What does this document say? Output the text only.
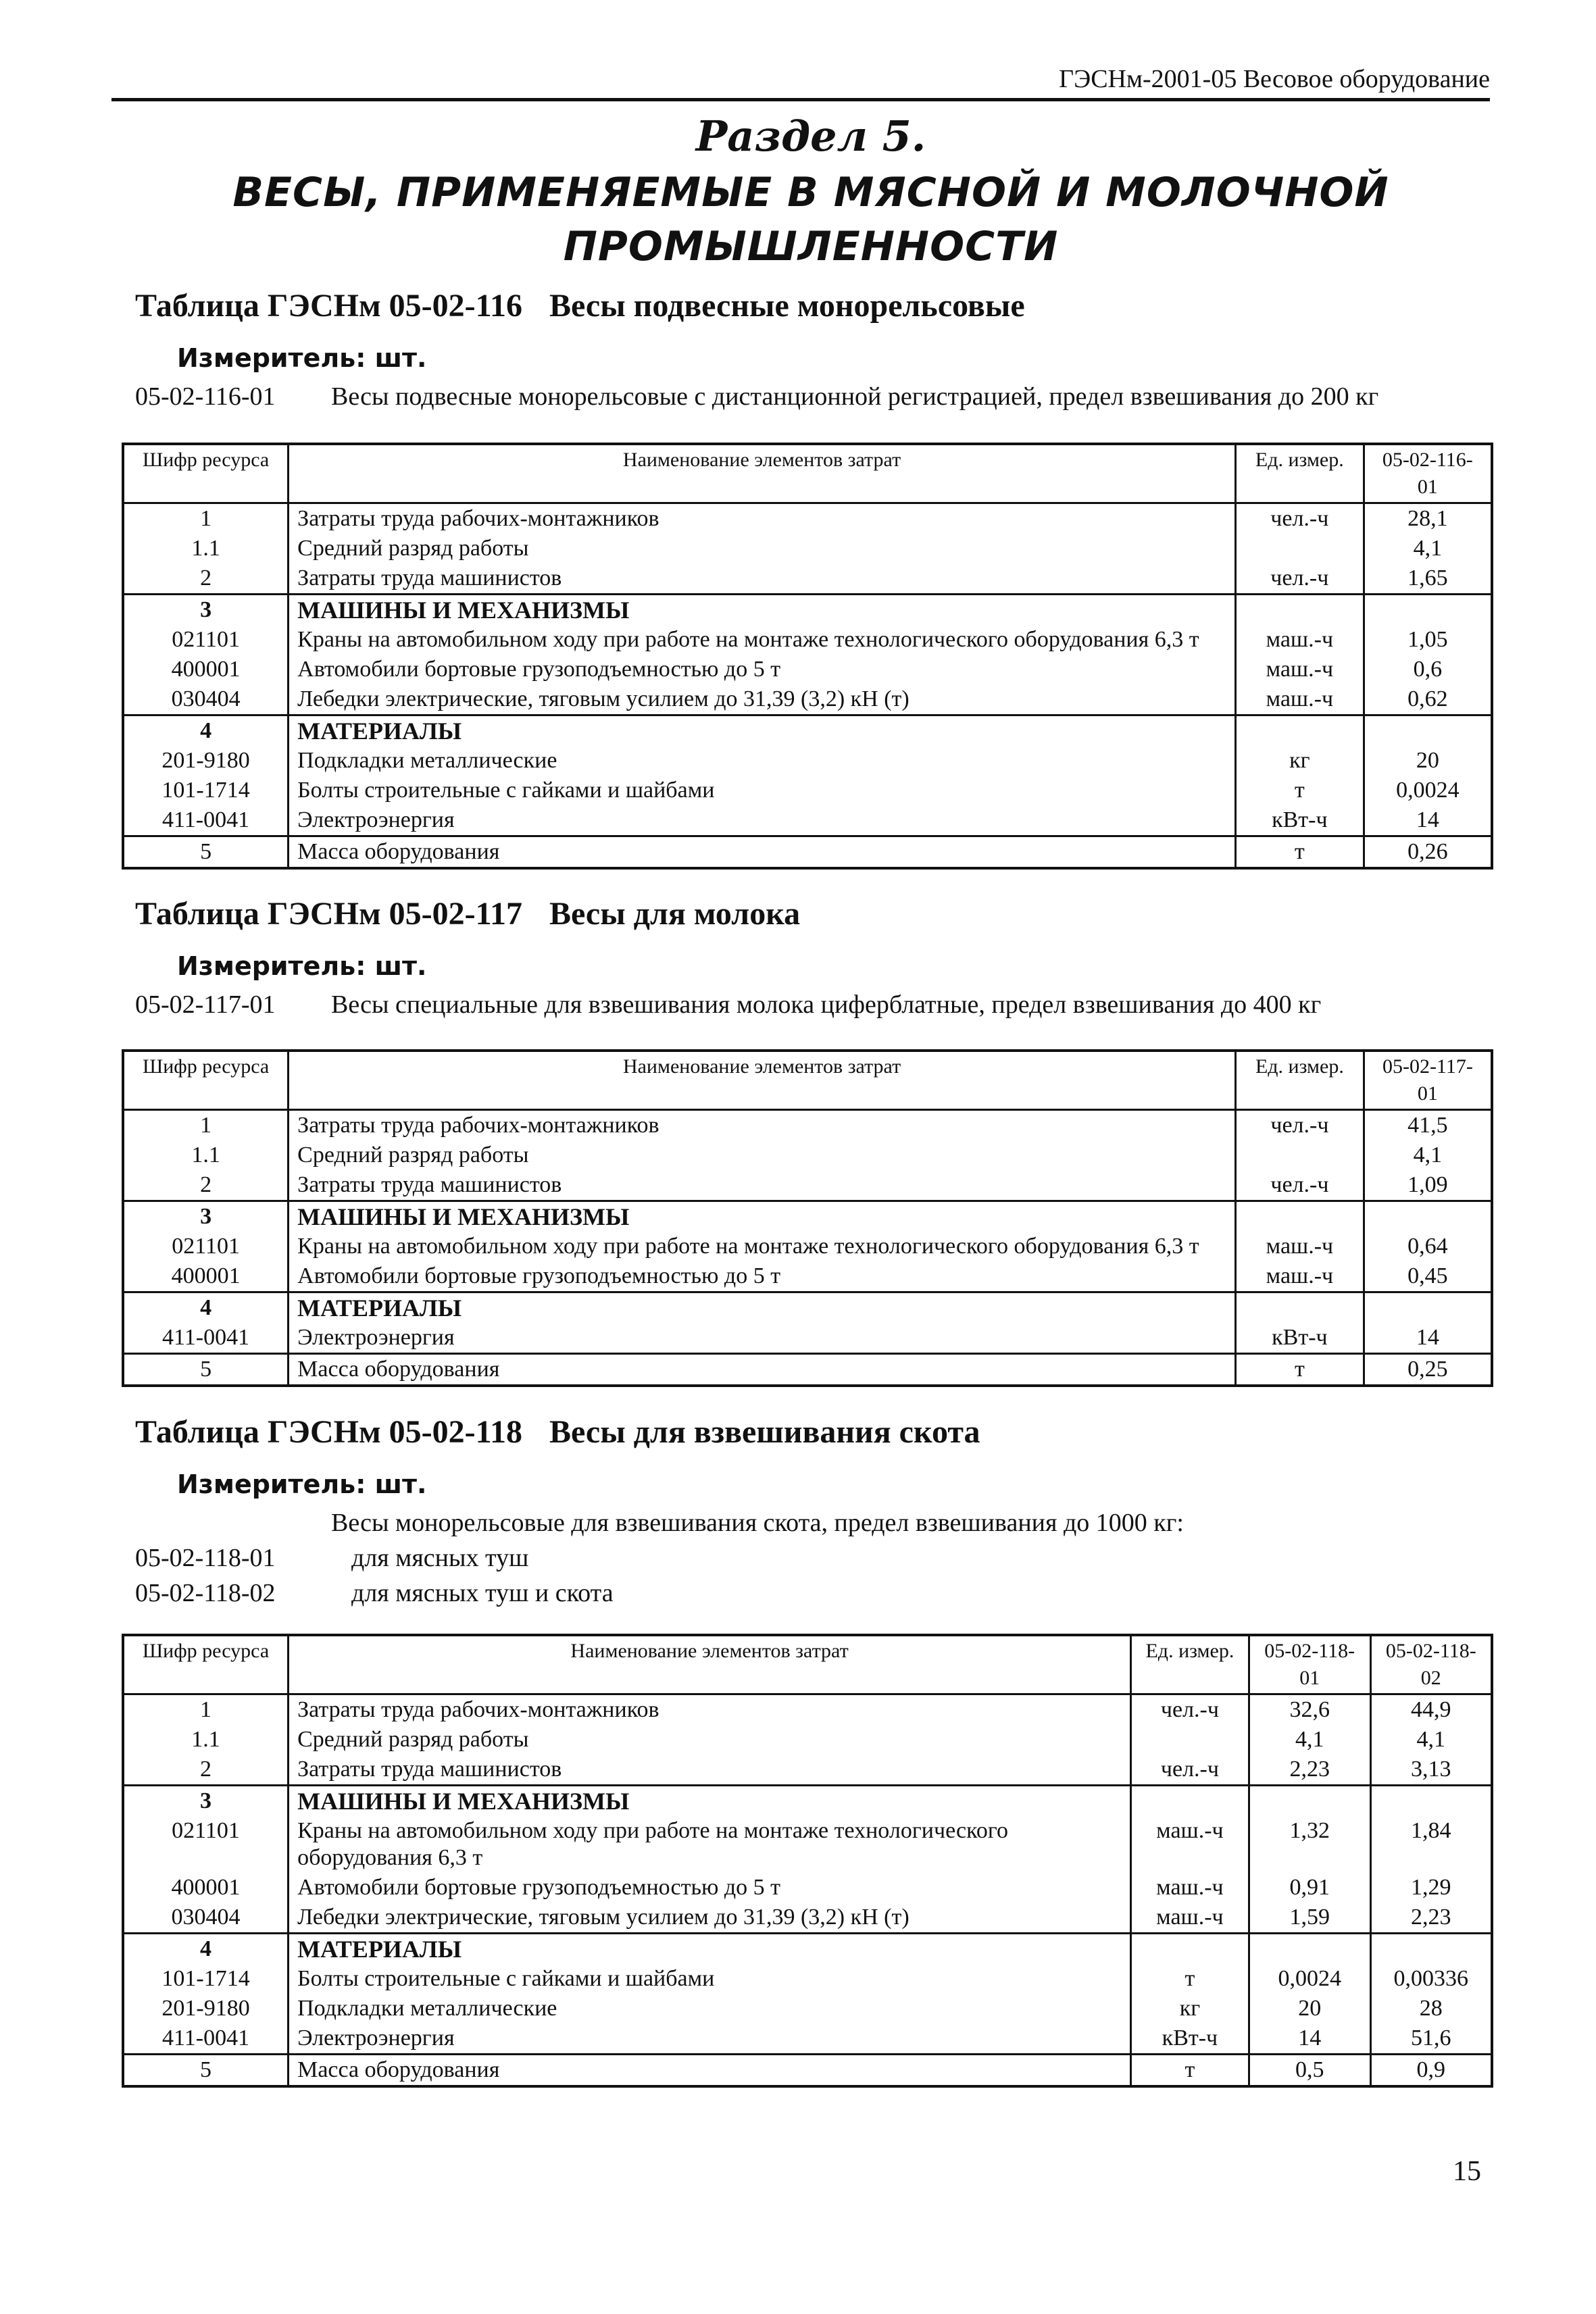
ГЭСНм-2001-05 Весовое оборудование
Раздел 5.
ВЕСЫ, ПРИМЕНЯЕМЫЕ В МЯСНОЙ И МОЛОЧНОЙ
ПРОМЫШЛЕННОСТИ
Таблица ГЭСНм 05-02-116 Весы подвесные монорельсовые
Измеритель: шт.
05-02-116-01 Весы подвесные монорельсовые с дистанционной регистрацией, предел взвешивания до 200 кг
Шифр ресурса	Наименование элементов затрат	Ед. измер.	05-02-116-01
1	Затраты труда рабочих-монтажников	чел.-ч	28,1
1.1	Средний разряд работы		4,1
2	Затраты труда машинистов	чел.-ч	1,65
3	МАШИНЫ И МЕХАНИЗМЫ		
021101	Краны на автомобильном ходу при работе на монтаже технологического оборудования 6,3 т	маш.-ч	1,05
400001	Автомобили бортовые грузоподъемностью до 5 т	маш.-ч	0,6
030404	Лебедки электрические, тяговым усилием до 31,39 (3,2) кН (т)	маш.-ч	0,62
4	МАТЕРИАЛЫ		
201-9180	Подкладки металлические	кг	20
101-1714	Болты строительные с гайками и шайбами	т	0,0024
411-0041	Электроэнергия	кВт-ч	14
5	Масса оборудования	т	0,26
Таблица ГЭСНм 05-02-117 Весы для молока
Измеритель: шт.
05-02-117-01 Весы специальные для взвешивания молока циферблатные, предел взвешивания до 400 кг
Шифр ресурса	Наименование элементов затрат	Ед. измер.	05-02-117-01
1	Затраты труда рабочих-монтажников	чел.-ч	41,5
1.1	Средний разряд работы		4,1
2	Затраты труда машинистов	чел.-ч	1,09
3	МАШИНЫ И МЕХАНИЗМЫ		
021101	Краны на автомобильном ходу при работе на монтаже технологического оборудования 6,3 т	маш.-ч	0,64
400001	Автомобили бортовые грузоподъемностью до 5 т	маш.-ч	0,45
4	МАТЕРИАЛЫ		
411-0041	Электроэнергия	кВт-ч	14
5	Масса оборудования	т	0,25
Таблица ГЭСНм 05-02-118 Весы для взвешивания скота
Измеритель: шт.
Весы монорельсовые для взвешивания скота, предел взвешивания до 1000 кг:
05-02-118-01	для мясных туш
05-02-118-02	для мясных туш и скота
Шифр ресурса	Наименование элементов затрат	Ед. измер.	05-02-118-01	05-02-118-02
1	Затраты труда рабочих-монтажников	чел.-ч	32,6	44,9
1.1	Средний разряд работы		4,1	4,1
2	Затраты труда машинистов	чел.-ч	2,23	3,13
3	МАШИНЫ И МЕХАНИЗМЫ			
021101	Краны на автомобильном ходу при работе на монтаже технологического оборудования 6,3 т	маш.-ч	1,32	1,84
400001	Автомобили бортовые грузоподъемностью до 5 т	маш.-ч	0,91	1,29
030404	Лебедки электрические, тяговым усилием до 31,39 (3,2) кН (т)	маш.-ч	1,59	2,23
4	МАТЕРИАЛЫ			
101-1714	Болты строительные с гайками и шайбами	т	0,0024	0,00336
201-9180	Подкладки металлические	кг	20	28
411-0041	Электроэнергия	кВт-ч	14	51,6
5	Масса оборудования	т	0,5	0,9
15
